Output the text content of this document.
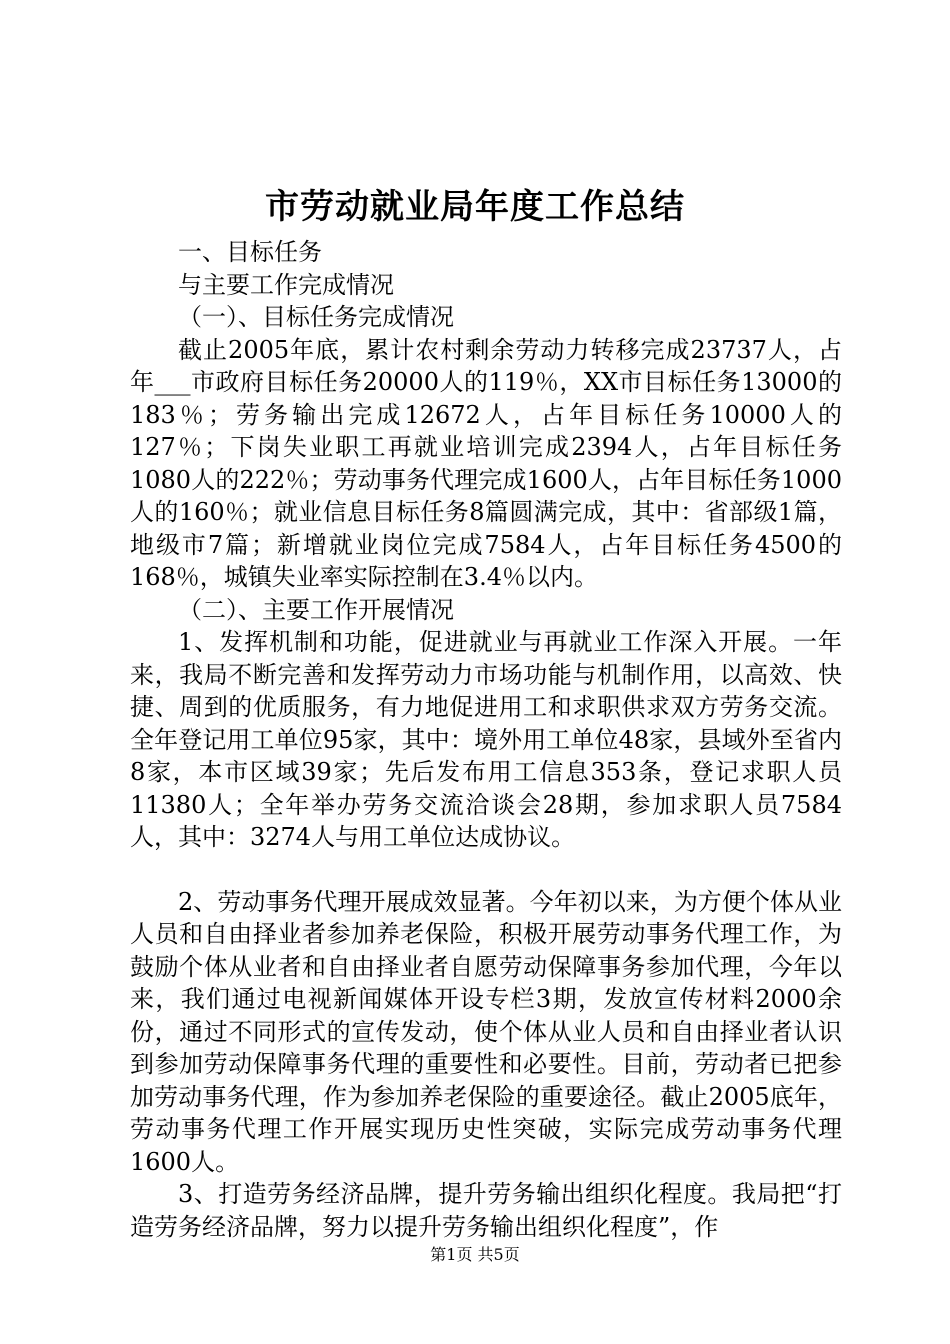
市劳动就业局年度工作总结

一、目标任务

与主要工作完成情况

（一）、目标任务完成情况

截止2005年底，累计农村剩余劳动力转移完成23737人，占年___市政府目标任务20000人的119％，XX市目标任务13000的183％；劳务输出完成12672人，占年目标任务10000人的127％；下岗失业职工再就业培训完成2394人，占年目标任务1080人的222％；劳动事务代理完成1600人，占年目标任务1000人的160％；就业信息目标任务8篇圆满完成，其中：省部级1篇，地级市7篇；新增就业岗位完成7584人，占年目标任务4500的168％，城镇失业率实际控制在3.4％以内。

（二）、主要工作开展情况

1、发挥机制和功能，促进就业与再就业工作深入开展。一年来，我局不断完善和发挥劳动力市场功能与机制作用，以高效、快捷、周到的优质服务，有力地促进用工和求职供求双方劳务交流。全年登记用工单位95家，其中：境外用工单位48家，县域外至省内8家，本市区域39家；先后发布用工信息353条，登记求职人员11380人；全年举办劳务交流洽谈会28期，参加求职人员7584人，其中：3274人与用工单位达成协议。

2、劳动事务代理开展成效显著。今年初以来，为方便个体从业人员和自由择业者参加养老保险，积极开展劳动事务代理工作，为鼓励个体从业者和自由择业者自愿劳动保障事务参加代理，今年以来，我们通过电视新闻媒体开设专栏3期，发放宣传材料2000余份，通过不同形式的宣传发动，使个体从业人员和自由择业者认识到参加劳动保障事务代理的重要性和必要性。目前，劳动者已把参加劳动事务代理，作为参加养老保险的重要途径。截止2005底年，劳动事务代理工作开展实现历史性突破，实际完成劳动事务代理1600人。

3、打造劳务经济品牌，提升劳务输出组织化程度。我局把“打造劳务经济品牌，努力以提升劳务输出组织化程度”，作

第1页 共5页
